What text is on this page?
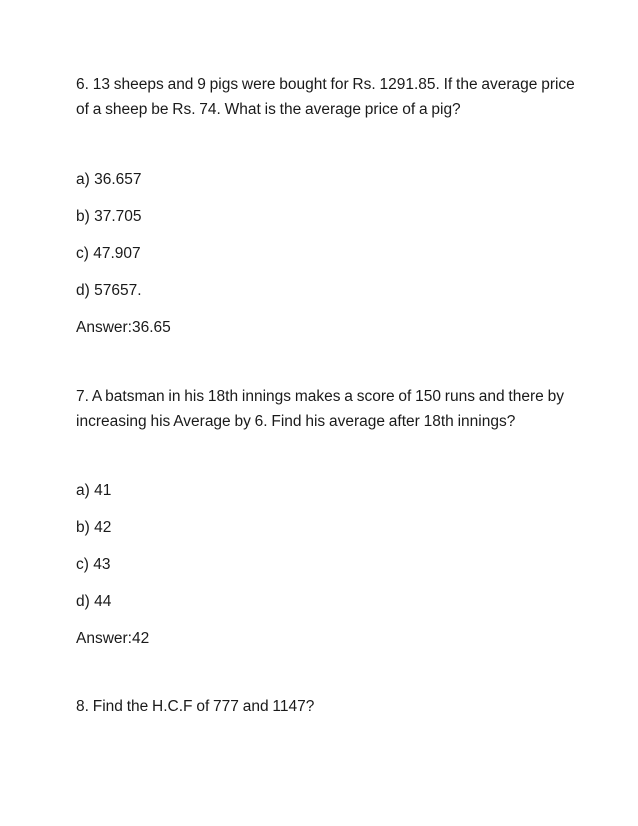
6. 13 sheeps and 9 pigs were bought for Rs. 1291.85. If the average price of a sheep be Rs. 74. What is the average price of a pig?

a) 36.657

b) 37.705

c) 47.907

d) 57657.

Answer:36.65

7. A batsman in his 18th innings makes a score of 150 runs and there by increasing his Average by 6. Find his average after 18th innings?

a) 41

b) 42

c) 43

d) 44

Answer:42

8. Find the H.C.F of 777 and 1147?
